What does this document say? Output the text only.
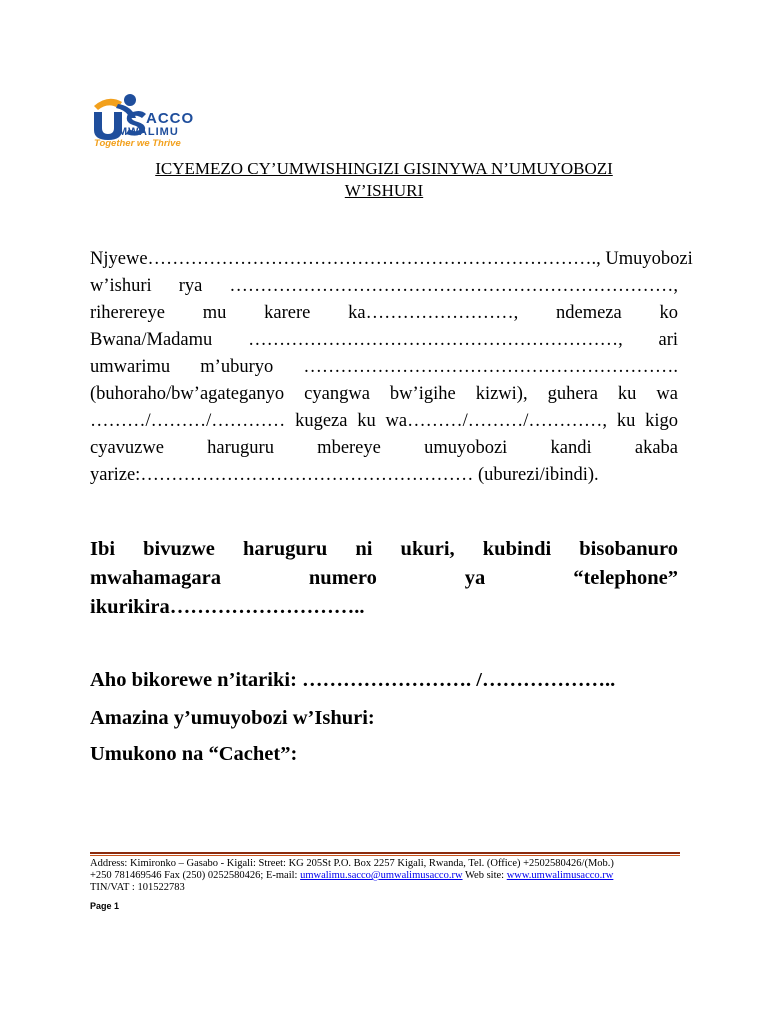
ACCO
MWALIMU
Together we Thrive
ICYEMEZO CY’UMWISHINGIZI GISINYWA N’UMUYOBOZI
W’ISHURI
Njyewe………………………………………………………………., Umuyobozi
w’ishuri rya ………………………………………………………………,
riherereye mu karere ka……………………, ndemeza ko
Bwana/Madamu ……………………………………………………, ari
umwarimu m’uburyo …………………………………………………….
(buhoraho/bw’agateganyo cyangwa bw’igihe kizwi), guhera ku wa
………/………/………… kugeza ku wa………/………/…………, ku kigo
cyavuzwe haruguru mbereye umuyobozi kandi akaba
yarize:……………………………………………… (uburezi/ibindi).
Ibi bivuzwe haruguru ni ukuri, kubindi bisobanuro
mwahamagara numero ya “telephone”
ikurikira………………………..
Aho bikorewe n’itariki: ……………………. /………………..
Amazina y’umuyobozi w’Ishuri:
Umukono na “Cachet”:
Address: Kimironko – Gasabo - Kigali: Street: KG 205St P.O. Box 2257 Kigali, Rwanda, Tel. (Office) +2502580426/(Mob.)
+250 781469546 Fax (250) 0252580426; E-mail: umwalimu.sacco@umwalimusacco.rw Web site: www.umwalimusacco.rw
TIN/VAT : 101522783
Page 1
